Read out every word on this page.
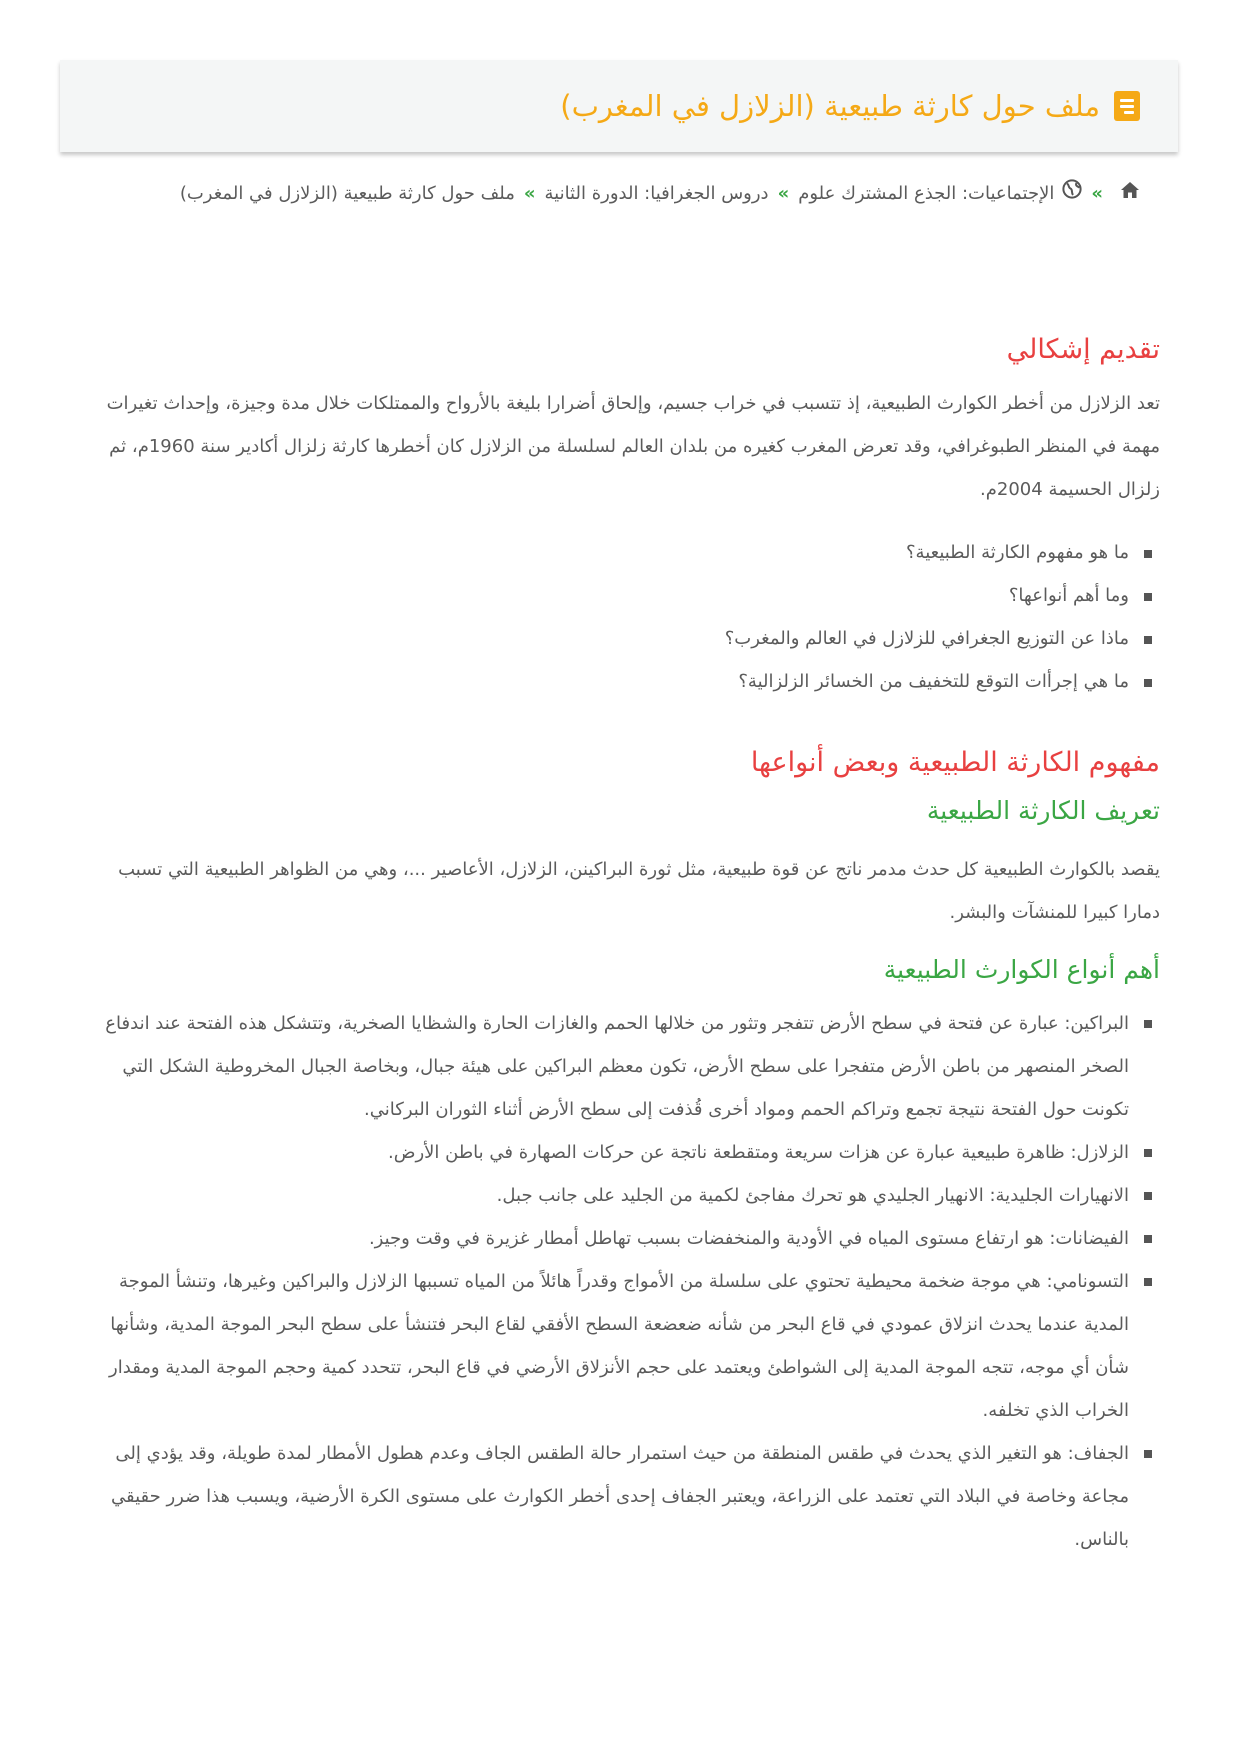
ملف حول كارثة طبيعية (الزلازل في المغرب)
»الإجتماعيات: الجذع المشترك علوم»دروس الجغرافيا: الدورة الثانية»ملف حول كارثة طبيعية (الزلازل في المغرب)
تقديم إشكالي

تعد الزلازل من أخطر الكوارث الطبيعية، إذ تتسبب في خراب جسيم، وإلحاق أضرارا بليغة بالأرواح والممتلكات خلال مدة وجيزة، وإحداث تغيرات مهمة في المنظر الطبوغرافي، وقد تعرض المغرب كغيره من بلدان العالم لسلسلة من الزلازل كان أخطرها كارثة زلزال أكادير سنة 1960م، ثم زلزال الحسيمة 2004م.

ما هو مفهوم الكارثة الطبيعية؟
وما أهم أنواعها؟
ماذا عن التوزيع الجغرافي للزلازل في العالم والمغرب؟
ما هي إجرأات التوقع للتخفيف من الخسائر الزلزالية؟
مفهوم الكارثة الطبيعية وبعض أنواعها
تعريف الكارثة الطبيعية

يقصد بالكوارث الطبيعية كل حدث مدمر ناتج عن قوة طبيعية، مثل ثورة البراكينن، الزلازل، الأعاصير ...، وهي من الظواهر الطبيعية التي تسبب دمارا كبيرا للمنشآت والبشر.

أهم أنواع الكوارث الطبيعية
البراكين: عبارة عن فتحة في سطح الأرض تتفجر وتثور من خلالها الحمم والغازات الحارة والشظايا الصخرية، وتتشكل هذه الفتحة عند اندفاع الصخر المنصهر من باطن الأرض متفجرا على سطح الأرض، تكون معظم البراكين على هيئة جبال، وبخاصة الجبال المخروطية الشكل التي تكونت حول الفتحة نتيجة تجمع وتراكم الحمم ومواد أخرى قُذفت إلى سطح الأرض أثناء الثوران البركاني.
الزلازل: ظاهرة طبيعية عبارة عن هزات سريعة ومتقطعة ناتجة عن حركات الصهارة في باطن الأرض.
الانهيارات الجليدية: الانهيار الجليدي هو تحرك مفاجئ لكمية من الجليد على جانب جبل.
الفيضانات: هو ارتفاع مستوى المياه في الأودية والمنخفضات بسبب تهاطل أمطار غزيرة في وقت وجيز.
التسونامي: هي موجة ضخمة محيطية تحتوي على سلسلة من الأمواج وقدراً هائلاً من المياه تسببها الزلازل والبراكين وغيرها، وتنشأ الموجة المدية عندما يحدث انزلاق عمودي في قاع البحر من شأنه ضعضعة السطح الأفقي لقاع البحر فتنشأ على سطح البحر الموجة المدية، وشأنها شأن أي موجه، تتجه الموجة المدية إلى الشواطئ ويعتمد على حجم الأنزلاق الأرضي في قاع البحر، تتحدد كمية وحجم الموجة المدية ومقدار الخراب الذي تخلفه.
الجفاف: هو التغير الذي يحدث في طقس المنطقة من حيث استمرار حالة الطقس الجاف وعدم هطول الأمطار لمدة طويلة، وقد يؤدي إلى مجاعة وخاصة في البلاد التي تعتمد على الزراعة، ويعتبر الجفاف إحدى أخطر الكوارث على مستوى الكرة الأرضية، ويسبب هذا ضرر حقيقي بالناس.
